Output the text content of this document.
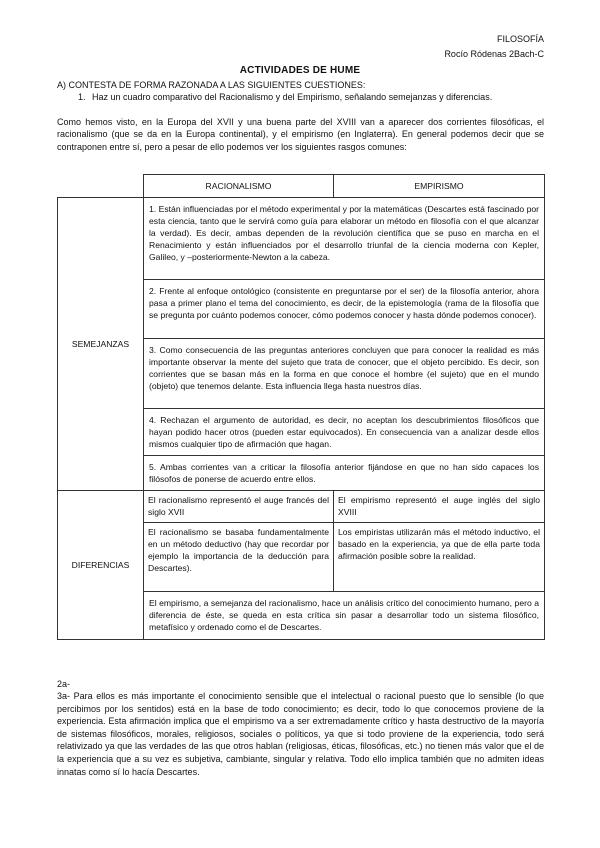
FILOSOFÍA
Rocío Ródenas 2Bach-C
ACTIVIDADES DE HUME
A) CONTESTA DE FORMA RAZONADA A LAS SIGUIENTES CUESTIONES:
1. Haz un cuadro comparativo del Racionalismo y del Empirismo, señalando semejanzas y diferencias.
Como hemos visto, en la Europa del XVII y una buena parte del XVIII van a aparecer dos corrientes filosóficas, el racionalismo (que se da en la Europa continental), y el empirismo (en Inglaterra). En general podemos decir que se contraponen entre sí, pero a pesar de ello podemos ver los siguientes rasgos comunes:
	RACIONALISMO	EMPIRISMO
SEMEJANZAS	1. Están influenciadas por el método experimental y por la matemáticas (Descartes está fascinado por esta ciencia, tanto que le servirá como guía para elaborar un método en filosofía con el que alcanzar la verdad). Es decir, ambas dependen de la revolución científica que se puso en marcha en el Renacimiento y están influenciados por el desarrollo triunfal de la ciencia moderna con Kepler, Galileo, y –posteriormente-Newton a la cabeza.	
	2. Frente al enfoque ontológico (consistente en preguntarse por el ser) de la filosofía anterior, ahora pasa a primer plano el tema del conocimiento, es decir, de la epistemología (rama de la filosofía que se pregunta por cuánto podemos conocer, cómo podemos conocer y hasta dónde podemos conocer).	
	3. Como consecuencia de las preguntas anteriores concluyen que para conocer la realidad es más importante observar la mente del sujeto que trata de conocer, que el objeto percibido. Es decir, son corrientes que se basan más en la forma en que conoce el hombre (el sujeto) que en el mundo (objeto) que tenemos delante. Esta influencia llega hasta nuestros días.	
	4. Rechazan el argumento de autoridad, es decir, no aceptan los descubrimientos filosóficos que hayan podido hacer otros (pueden estar equivocados). En consecuencia van a analizar desde ellos mismos cualquier tipo de afirmación que hagan.	
	5. Ambas corrientes van a criticar la filosofía anterior fijándose en que no han sido capaces los filósofos de ponerse de acuerdo entre ellos.	
DIFERENCIAS	El racionalismo representó el auge francés del siglo XVII	El empirismo representó el auge inglés del siglo XVIII
	El racionalismo se basaba fundamentalmente en un método deductivo (hay que recordar por ejemplo la importancia de la deducción para Descartes).	Los empiristas utilizarán más el método inductivo, el basado en la experiencia, ya que de ella parte toda afirmación posible sobre la realidad.
	El empirismo, a semejanza del racionalismo, hace un análisis crítico del conocimiento humano, pero a diferencia de éste, se queda en esta crítica sin pasar a desarrollar todo un sistema filosófico, metafísico y ordenado como el de Descartes.	
2a-
3a- Para ellos es más importante el conocimiento sensible que el intelectual o racional puesto que lo sensible (lo que percibimos por los sentidos) está en la base de todo conocimiento; es decir, todo lo que conocemos proviene de la experiencia. Esta afirmación implica que el empirismo va a ser extremadamente crítico y hasta destructivo de la mayoría de sistemas filosóficos, morales, religiosos, sociales o políticos, ya que si todo proviene de la experiencia, todo será relativizado ya que las verdades de las que otros hablan (religiosas, éticas, filosóficas, etc.) no tienen más valor que el de la experiencia que a su vez es subjetiva, cambiante, singular y relativa. Todo ello implica también que no admiten ideas innatas como sí lo hacía Descartes.
